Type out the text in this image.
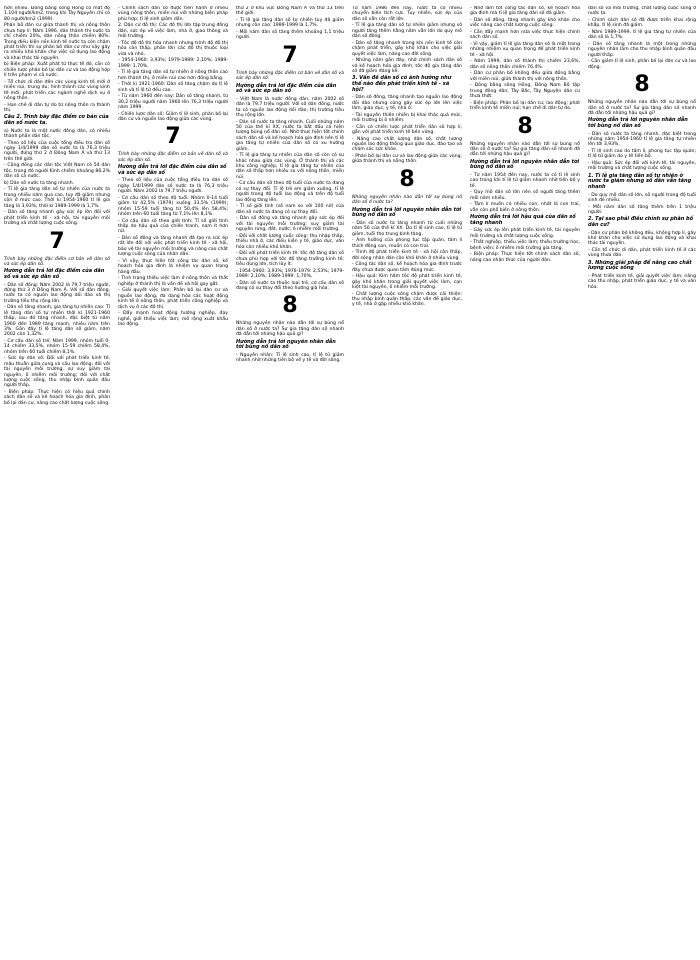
hơn nhiều. Đồng bằng sông Hồng có mật độ 1.104 người/km2, trong khi Tây Nguyên chỉ có 80 người/km2 (1999).

Phân bố dân cư giữa thành thị và nông thôn chưa hợp lí: Năm 1996, dân thành thị nước ta chỉ chiếm 20%, dân nông thôn chiếm 80%. Trong điều kiện nền kinh tế nước ta còn chậm phát triển thì sự phân bố dân cư như vậy gây ra nhiều khó khăn cho việc sử dụng lao động và khai thác tài nguyên.

b) Biện pháp: Xuất phát từ thực tế đó, cần có chiến lược phân bố lại dân cư và lao động hợp lí trên phạm vi cả nước.

- Tổ chức di dân đến các vùng kinh tế mới ở miền núi, trung du; hình thành các vùng kinh tế mới, phát triển các ngành nghề dịch vụ ở nông thôn.

- Hạn chế di dân tự do từ nông thôn ra thành thị.

Câu 2. Trình bày đặc điểm cơ bản của dân số nước ta.

a) Nước ta là một nước đông dân, có nhiều thành phần dân tộc.

- Theo số liệu của cuộc tổng điều tra dân số ngày 1/4/1999 dân số nước ta là 76,3 triệu người, đứng thứ 2 ở Đông Nam Á và thứ 13 trên thế giới.

- Cộng đồng các dân tộc Việt Nam có 54 dân tộc, trong đó người Kinh chiếm khoảng 86,2% dân số cả nước.

b) Dân số nước ta tăng nhanh.

- Tỉ lệ gia tăng dân số tự nhiên của nước ta trong nhiều năm qua cao, tuy đã giảm nhưng còn ở mức cao. Thời kì 1954-1960 tỉ lệ gia tăng là 3,93%; thời kì 1989-1999 là 1,7%.

- Dân số tăng nhanh gây sức ép lớn đối với phát triển kinh tế - xã hội, tài nguyên môi trường và chất lượng cuộc sống.

7

Trình bày những đặc điểm cơ bản về dân số và sức ép dân số.

Hướng dẫn trả lời đặc điểm của dân số và sức ép dân số

- Dân số đông: Năm 2002 là 79,7 triệu người, đứng thứ 3 ở Đông Nam Á. Với số dân đông, nước ta có nguồn lao động dồi dào và thị trường tiêu thụ rộng lớn.

- Dân số tăng nhanh, gia tăng tự nhiên cao: Tỉ lệ tăng dân số tự nhiên thời kì 1921-1960 thấp, sau đó tăng nhanh, đặc biệt từ năm 1960 đến 1989 tăng mạnh, nhiều năm trên 3%. Gần đây tỉ lệ tăng dân số giảm, năm 2002 còn 1,32%.

- Cơ cấu dân số trẻ: Năm 1999, nhóm tuổi 0-14 chiếm 33,5%, nhóm 15-59 chiếm 58,4%, nhóm trên 60 tuổi chiếm 8,1%.

- Sức ép dân số: Đối với phát triển kinh tế, mâu thuẫn giữa cung và cầu lao động; đối với tài nguyên môi trường, sự suy giảm tài nguyên, ô nhiễm môi trường; đối với chất lượng cuộc sống, thu nhập bình quân đầu người thấp.

- Biện pháp: Thực hiện có hiệu quả chính sách dân số và kế hoạch hóa gia đình, phân bố lại dân cư, nâng cao chất lượng cuộc sống.

- Chính sách dân số được tiến hành ở nhiều vùng nông thôn, miền núi với những biện pháp phù hợp; tỉ lệ sinh giảm dần.

2. Dân cư đô thị: Các đô thị lớn tập trung đông dân, sức ép về việc làm, nhà ở, giao thông và môi trường.

- Tốc độ đô thị hóa nhanh nhưng trình độ đô thị hóa còn thấp, phần lớn các đô thị thuộc loại vừa và nhỏ.

- 1954-1960: 3,93%; 1979-1989: 2,10%; 1989-1999: 1,70%.

- Tỉ lệ gia tăng dân số tự nhiên ở nông thôn cao hơn thành thị, ở miền núi cao hơn đồng bằng.

- Thời kì 1921-1960: Dân số tăng chậm do tỉ lệ sinh và tỉ lệ tử đều cao.

- Từ năm 1960 đến nay: Dân số tăng nhanh, từ 30,2 triệu người năm 1960 lên 76,3 triệu người năm 1999.

- Chiến lược dân số: Giảm tỉ lệ sinh, phân bố lại dân cư và nguồn lao động giữa các vùng.

7

Trình bày những đặc điểm cơ bản về dân số và sức ép dân số.

Hướng dẫn trả lời đặc điểm của dân số và sức ép dân số

- Theo số liệu của cuộc tổng điều tra dân số ngày 1/4/1999 dân số nước ta là 76,3 triệu người. Năm 2002 là 79,7 triệu người.

- Cơ cấu dân số theo độ tuổi: Nhóm 0-14 tuổi giảm từ 42,5% (1979) xuống 33,5% (1999); nhóm 15-59 tuổi tăng từ 50,4% lên 58,4%; nhóm trên 60 tuổi tăng từ 7,1% lên 8,1%.

- Cơ cấu dân số theo giới tính: Tỉ số giới tính thấp do hậu quả của chiến tranh, nam ít hơn nữ.

- Dân số đông và tăng nhanh đã tạo ra sức ép rất lớn đối với việc phát triển kinh tế - xã hội, bảo vệ tài nguyên môi trường và nâng cao chất lượng cuộc sống của nhân dân.

- Vì vậy, thực hiện tốt công tác dân số, kế hoạch hóa gia đình là nhiệm vụ quan trọng hàng đầu.

- Tình trạng thiếu việc làm ở nông thôn và thất nghiệp ở thành thị là vấn đề xã hội gay gắt.

- Giải quyết việc làm: Phân bố lại dân cư và nguồn lao động, đa dạng hóa các hoạt động kinh tế ở nông thôn, phát triển công nghiệp và dịch vụ ở các đô thị.

- Đẩy mạnh hoạt động hướng nghiệp, dạy nghề, giới thiệu việc làm; mở rộng xuất khẩu lao động.

thứ 2 ở khu vực Đông Nam Á và thứ 13 trên thế giới.

- Tỉ lệ gia tăng dân số tự nhiên tuy đã giảm nhưng còn cao: 1989-1999 là 1,7%.

- Mỗi năm dân số tăng thêm khoảng 1,1 triệu người.

7

Trình bày những đặc điểm cơ bản về dân số và sức ép dân số.

Hướng dẫn trả lời đặc điểm của dân số và sức ép dân số

- Việt Nam là nước đông dân, năm 2002 số dân là 79,7 triệu người. Với số dân đông, nước ta có nguồn lao động dồi dào, thị trường tiêu thụ rộng lớn.

- Dân số nước ta tăng nhanh. Cuối những năm 50 của thế kỉ XX, nước ta bắt đầu có hiện tượng bùng nổ dân số. Nhờ thực hiện tốt chính sách dân số và kế hoạch hóa gia đình nên tỉ lệ gia tăng tự nhiên của dân số có xu hướng giảm.

- Tỉ lệ gia tăng tự nhiên của dân số còn có sự khác nhau giữa các vùng. Ở thành thị và các khu công nghiệp, tỉ lệ gia tăng tự nhiên của dân số thấp hơn nhiều so với nông thôn, miền núi.

- Cơ cấu dân số theo độ tuổi của nước ta đang có sự thay đổi. Tỉ lệ trẻ em giảm xuống, tỉ lệ người trong độ tuổi lao động và trên độ tuổi lao động tăng lên.

- Tỉ số giới tính (số nam so với 100 nữ) của dân số nước ta đang có sự thay đổi.

- Dân số đông và tăng nhanh gây sức ép đối với tài nguyên môi trường: suy giảm tài nguyên rừng, đất, nước; ô nhiễm môi trường.

- Đối với chất lượng cuộc sống: thu nhập thấp, thiếu nhà ở, các điều kiện y tế, giáo dục, văn hóa còn nhiều khó khăn.

- Đối với phát triển kinh tế: tốc độ tăng dân số chưa phù hợp với tốc độ tăng trưởng kinh tế; tiêu dùng lớn, tích lũy ít.

- 1954-1960: 3,93%; 1976-1979: 2,53%; 1979-1989: 2,10%; 1989-1999: 1,70%.

- Dân số nước ta thuộc loại trẻ, cơ cấu dân số đang có sự thay đổi theo hướng già hóa.

8

Những nguyên nhân nào dẫn tới sự bùng nổ dân số ở nước ta? Sự gia tăng dân số nhanh đã dẫn tới những hậu quả gì?

Hướng dẫn trả lời nguyên nhân dẫn tới bùng nổ dân số

- Nguyên nhân: Tỉ lệ sinh cao, tỉ lệ tử giảm nhanh nhờ những tiến bộ về y tế và đời sống.

Từ năm 1986 đến nay, nước ta có nhiều chuyển biến tích cực. Tuy nhiên, sức ép của dân số vẫn còn rất lớn.

- Tỉ lệ gia tăng dân số tự nhiên giảm nhưng số người tăng thêm hằng năm vẫn lớn do quy mô dân số đông.

- Dân số tăng nhanh trong khi nền kinh tế còn chậm phát triển, gây khó khăn cho việc giải quyết việc làm, nâng cao đời sống.

- Những năm gần đây, nhờ chính sách dân số và kế hoạch hóa gia đình, tốc độ gia tăng dân số đã giảm đáng kể.

3. Vấn đề dân số có ảnh hưởng như thế nào đến phát triển kinh tế - xã hội?

- Dân số đông, tăng nhanh tạo nguồn lao động dồi dào nhưng cũng gây sức ép lớn lên việc làm, giáo dục, y tế, nhà ở.

- Tài nguyên thiên nhiên bị khai thác quá mức, môi trường bị ô nhiễm.

- Cần có chiến lược phát triển dân số hợp lí, gắn với phát triển kinh tế bền vững.

- Nâng cao chất lượng dân số, chất lượng nguồn lao động thông qua giáo dục, đào tạo và chăm sóc sức khỏe.

- Phân bố lại dân cư và lao động giữa các vùng, giữa thành thị và nông thôn.

8

Những nguyên nhân nào dẫn tới sự bùng nổ dân số ở nước ta?

Hướng dẫn trả lời nguyên nhân dẫn tới bùng nổ dân số

- Dân số nước ta tăng nhanh từ cuối những năm 50 của thế kỉ XX. Do tỉ lệ sinh cao, tỉ lệ tử giảm, tuổi thọ trung bình tăng.

- Ảnh hưởng của phong tục tập quán, tâm lí thích đông con, muốn có con trai.

- Trình độ phát triển kinh tế - xã hội còn thấp, đời sống nhân dân còn khó khăn ở nhiều vùng.

- Công tác dân số, kế hoạch hóa gia đình trước đây chưa được quan tâm đúng mức.

- Hậu quả: Kìm hãm tốc độ phát triển kinh tế, gây khó khăn trong giải quyết việc làm, cạn kiệt tài nguyên, ô nhiễm môi trường.

- Chất lượng cuộc sống chậm được cải thiện: thu nhập bình quân thấp, các vấn đề giáo dục, y tế, nhà ở gặp nhiều khó khăn.

- Nhờ làm tốt công tác dân số, kế hoạch hóa gia đình mà tỉ lệ gia tăng dân số đã giảm.

- Dân số đông, tăng nhanh gây khó khăn cho việc nâng cao chất lượng cuộc sống.

- Cần đẩy mạnh hơn nữa việc thực hiện chính sách dân số.

- Vì vậy, giảm tỉ lệ gia tăng dân số là một trong những nhiệm vụ quan trọng để phát triển kinh tế - xã hội.

- Năm 1999, dân số thành thị chiếm 23,6%, dân số nông thôn chiếm 76,4%.

- Dân cư phân bố không đều giữa đồng bằng với miền núi, giữa thành thị với nông thôn.

- Đồng bằng sông Hồng, Đông Nam Bộ tập trung đông dân; Tây Bắc, Tây Nguyên dân cư thưa thớt.

- Biện pháp: Phân bố lại dân cư, lao động; phát triển kinh tế miền núi; hạn chế di dân tự do.

8

Những nguyên nhân nào dẫn tới sự bùng nổ dân số ở nước ta? Sự gia tăng dân số nhanh đã dẫn tới những hậu quả gì?

Hướng dẫn trả lời nguyên nhân dẫn tới bùng nổ dân số

- Từ năm 1954 đến nay, nước ta có tỉ lệ sinh cao trong khi tỉ lệ tử giảm nhanh nhờ tiến bộ y tế.

- Quy mô dân số lớn nên số người tăng thêm mỗi năm nhiều.

- Tâm lí muốn có nhiều con, nhất là con trai, vẫn còn phổ biến ở nông thôn.

Hướng dẫn trả lời hậu quả của dân số tăng nhanh

- Gây sức ép lên phát triển kinh tế, tài nguyên môi trường và chất lượng cuộc sống.

- Thất nghiệp, thiếu việc làm; thiếu trường học, bệnh viện; ô nhiễm môi trường gia tăng.

- Biện pháp: Thực hiện tốt chính sách dân số, nâng cao nhận thức của người dân.

dân số và môi trường, chất lượng cuộc sống ở nước ta.

- Chính sách dân số đã được triển khai rộng khắp, tỉ lệ sinh đã giảm.

- Năm 1989-1999, tỉ lệ gia tăng tự nhiên của dân số là 1,7%.

- Dân số tăng nhanh là một trong những nguyên nhân làm cho thu nhập bình quân đầu người thấp.

- Cần giảm tỉ lệ sinh, phân bố lại dân cư và lao động.

8

Những nguyên nhân nào dẫn tới sự bùng nổ dân số ở nước ta? Sự gia tăng dân số nhanh đã dẫn tới những hậu quả gì?

Hướng dẫn trả lời nguyên nhân dẫn tới bùng nổ dân số

- Dân số nước ta tăng nhanh, đặc biệt trong những năm 1954-1960 tỉ lệ gia tăng tự nhiên lên tới 3,93%.

- Tỉ lệ sinh cao do tâm lí, phong tục tập quán; tỉ lệ tử giảm do y tế tiến bộ.

- Hậu quả: Sức ép đối với kinh tế, tài nguyên, môi trường và chất lượng cuộc sống.

1. Tỉ lệ gia tăng dân số tự nhiên ở nước ta giảm nhưng số dân vẫn tăng nhanh

- Do quy mô dân số lớn, số người trong độ tuổi sinh đẻ nhiều.

- Mỗi năm dân số tăng thêm trên 1 triệu người.

2. Tại sao phải điều chỉnh sự phân bố dân cư?

- Dân cư phân bố không đều, không hợp lí, gây khó khăn cho việc sử dụng lao động và khai thác tài nguyên.

- Cần tổ chức di dân, phát triển kinh tế ở các vùng thưa dân.

3. Những giải pháp để nâng cao chất lượng cuộc sống

- Phát triển kinh tế, giải quyết việc làm, nâng cao thu nhập, phát triển giáo dục, y tế và văn hóa.
